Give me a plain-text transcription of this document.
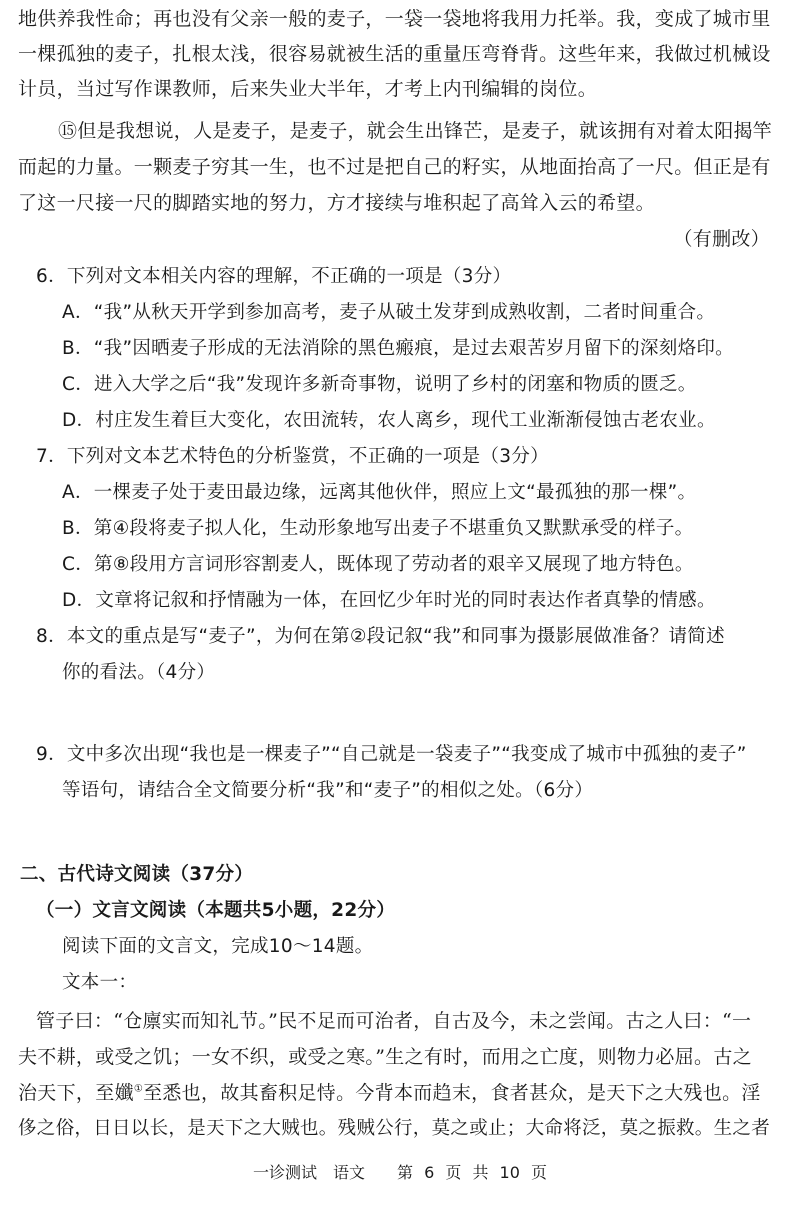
地供养我性命；再也没有父亲一般的麦子，一袋一袋地将我用力托举。我，变成了城市里
一棵孤独的麦子，扎根太浅，很容易就被生活的重量压弯脊背。这些年来，我做过机械设
计员，当过写作课教师，后来失业大半年，才考上内刊编辑的岗位。
⑮但是我想说，人是麦子，是麦子，就会生出锋芒，是麦子，就该拥有对着太阳揭竿
而起的力量。一颗麦子穷其一生，也不过是把自己的籽实，从地面抬高了一尺。但正是有
了这一尺接一尺的脚踏实地的努力，方才接续与堆积起了高耸入云的希望。
（有删改）
6．下列对文本相关内容的理解，不正确的一项是（3分）
A．“我”从秋天开学到参加高考，麦子从破土发芽到成熟收割，二者时间重合。
B．“我”因晒麦子形成的无法消除的黑色瘢痕，是过去艰苦岁月留下的深刻烙印。
C．进入大学之后“我”发现许多新奇事物，说明了乡村的闭塞和物质的匮乏。
D．村庄发生着巨大变化，农田流转，农人离乡，现代工业渐渐侵蚀古老农业。
7．下列对文本艺术特色的分析鉴赏，不正确的一项是（3分）
A．一棵麦子处于麦田最边缘，远离其他伙伴，照应上文“最孤独的那一棵”。
B．第④段将麦子拟人化，生动形象地写出麦子不堪重负又默默承受的样子。
C．第⑧段用方言词形容割麦人，既体现了劳动者的艰辛又展现了地方特色。
D．文章将记叙和抒情融为一体，在回忆少年时光的同时表达作者真挚的情感。
8．本文的重点是写“麦子”，为何在第②段记叙“我”和同事为摄影展做准备？请简述
你的看法。（4分）
9．文中多次出现“我也是一棵麦子”“自己就是一袋麦子”“我变成了城市中孤独的麦子”
等语句，请结合全文简要分析“我”和“麦子”的相似之处。（6分）
二、古代诗文阅读（37分）
（一）文言文阅读（本题共5小题，22分）
阅读下面的文言文，完成10～14题。
文本一：
管子曰：“仓廪实而知礼节。”民不足而可治者，自古及今，未之尝闻。古之人曰：“一
夫不耕，或受之饥；一女不织，或受之寒。”生之有时，而用之亡度，则物力必屈。古之
治天下，至孅①至悉也，故其畜积足恃。今背本而趋末，食者甚众，是天下之大残也。淫
侈之俗，日日以长，是天下之大贼也。残贼公行，莫之或止；大命将泛，莫之振救。生之者
一诊测试　语文　　第 6 页 共 10 页
